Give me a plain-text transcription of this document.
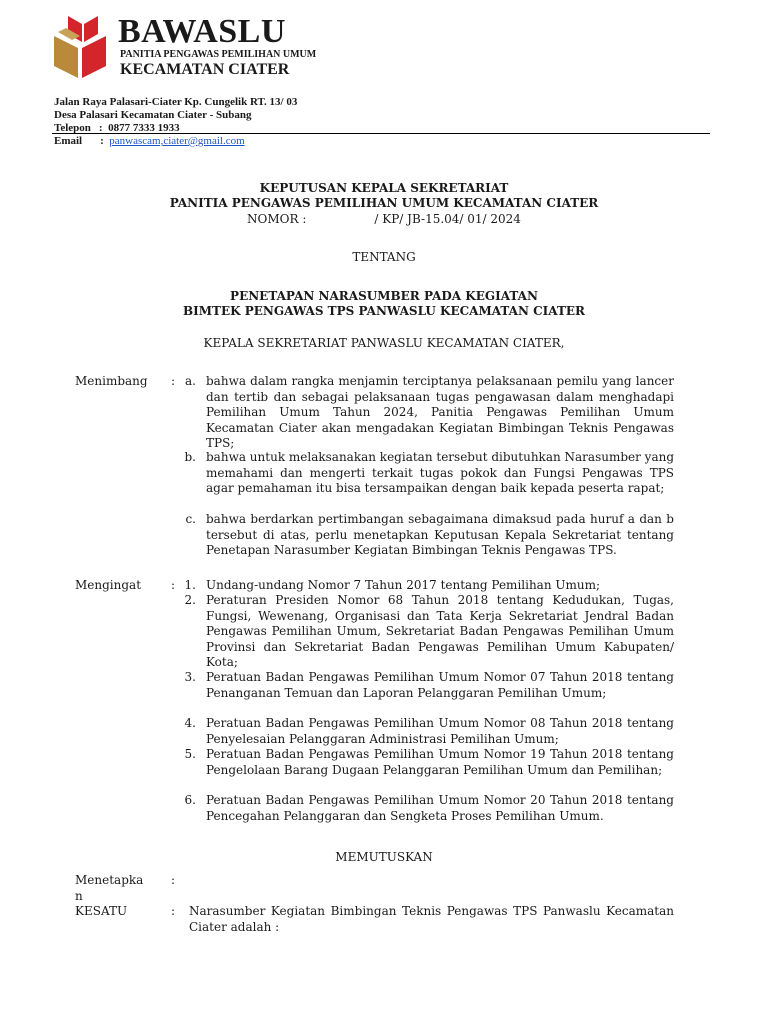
BAWASLU
PANITIA PENGAWAS PEMILIHAN UMUM
KECAMATAN CIATER
Jalan Raya Palasari-Ciater Kp. Cungelik RT. 13/ 03
Desa Palasari Kecamatan Ciater - Subang
Telepon :  0877 7333 1933
Email :  panwascam,ciater@gmail.com
KEPUTUSAN KEPALA SEKRETARIAT
PANITIA PENGAWAS PEMILIHAN UMUM KECAMATAN CIATER
NOMOR :	/ KP/ JB-15.04/ 01/ 2024
TENTANG
PENETAPAN NARASUMBER PADA KEGIATAN
BIMTEK PENGAWAS TPS PANWASLU KECAMATAN CIATER
KEPALA SEKRETARIAT PANWASLU KECAMATAN CIATER,
Menimbang : a. bahwa dalam rangka menjamin terciptanya pelaksanaan pemilu yang lancer dan tertib dan sebagai pelaksanaan tugas pengawasan dalam menghadapi Pemilihan Umum Tahun 2024, Panitia Pengawas Pemilihan Umum Kecamatan Ciater akan mengadakan Kegiatan Bimbingan Teknis Pengawas TPS;
b. bahwa untuk melaksanakan kegiatan tersebut dibutuhkan Narasumber yang memahami dan mengerti terkait tugas pokok dan Fungsi Pengawas TPS agar pemahaman itu bisa tersampaikan dengan baik kepada peserta rapat;
c. bahwa berdarkan pertimbangan sebagaimana dimaksud pada huruf a dan b tersebut di atas, perlu menetapkan Keputusan Kepala Sekretariat tentang Penetapan Narasumber Kegiatan Bimbingan Teknis Pengawas TPS.
Mengingat : 1. Undang-undang Nomor 7 Tahun 2017 tentang Pemilihan Umum;
2. Peraturan Presiden Nomor 68 Tahun 2018 tentang Kedudukan, Tugas, Fungsi, Wewenang, Organisasi dan Tata Kerja Sekretariat Jendral Badan Pengawas Pemilihan Umum, Sekretariat Badan Pengawas Pemilihan Umum Provinsi dan Sekretariat Badan Pengawas Pemilihan Umum Kabupaten/ Kota;
3. Peratuan Badan Pengawas Pemilihan Umum Nomor 07 Tahun 2018 tentang Penanganan Temuan dan Laporan Pelanggaran Pemilihan Umum;
4. Peratuan Badan Pengawas Pemilihan Umum Nomor 08 Tahun 2018 tentang Penyelesaian Pelanggaran Administrasi Pemilihan Umum;
5. Peratuan Badan Pengawas Pemilihan Umum Nomor 19 Tahun 2018 tentang Pengelolaan Barang Dugaan Pelanggaran Pemilihan Umum dan Pemilihan;
6. Peratuan Badan Pengawas Pemilihan Umum Nomor 20 Tahun 2018 tentang Pencegahan Pelanggaran dan Sengketa Proses Pemilihan Umum.
MEMUTUSKAN
Menetapka
n
:
KESATU	: Narasumber Kegiatan Bimbingan Teknis Pengawas TPS Panwaslu Kecamatan Ciater adalah :
